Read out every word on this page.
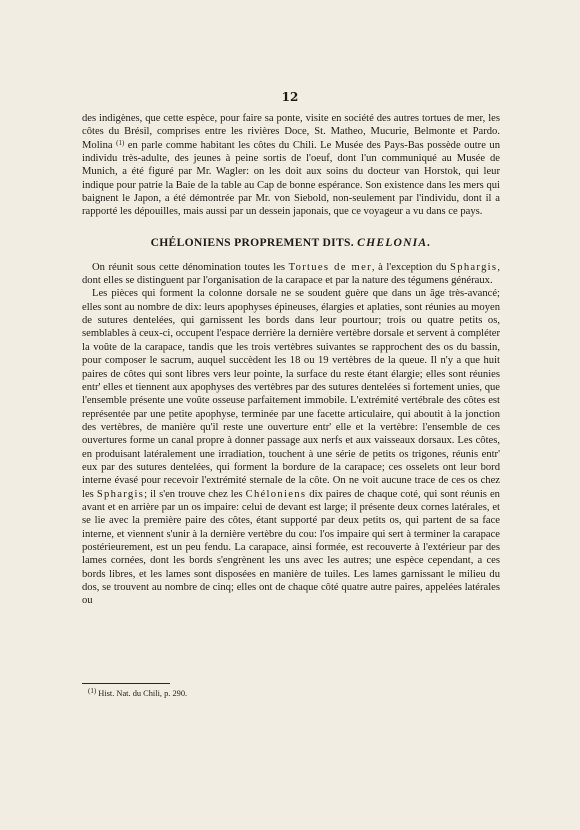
12

des indigènes, que cette espèce, pour faire sa ponte, visite en société des autres tortues de mer, les côtes du Brésil, comprises entre les rivières Doce, St. Matheo, Mucurie, Belmonte et Pardo. Molina $^{(1)}$ en parle comme habitant les côtes du Chili. Le Musée des Pays-Bas possède outre un individu très-adulte, des jeunes à peine sortis de l'oeuf, dont l'un communiqué au Musée de Munich, a été figuré par Mr. Wagler: on les doit aux soins du docteur van Horstok, qui leur indique pour patrie la Baie de la table au Cap de bonne espérance. Son existence dans les mers qui baignent le Japon, a été démontrée par Mr. von Siebold, non-seulement par l'individu, dont il a rapporté les dépouilles, mais aussi par un dessein japonais, que ce voyageur a vu dans ce pays.

CHÉLONIENS PROPREMENT DITS. CHELONIA.

On réunit sous cette dénomination toutes les Tortues de mer, à l'exception du Sphargis, dont elles se distinguent par l'organisation de la carapace et par la nature des tégumens généraux.

Les pièces qui forment la colonne dorsale ne se soudent guère que dans un âge très-avancé; elles sont au nombre de dix: leurs apophyses épineuses, élargies et aplaties, sont réunies au moyen de sutures dentelées, qui garnissent les bords dans leur pourtour; trois ou quatre petits os, semblables à ceux-ci, occupent l'espace derrière la dernière vertèbre dorsale et servent à compléter la voûte de la carapace, tandis que les trois vertèbres suivantes se rapprochent des os du bassin, pour composer le sacrum, auquel succèdent les 18 ou 19 vertèbres de la queue. Il n'y a que huit paires de côtes qui sont libres vers leur pointe, la surface du reste étant élargie; elles sont réunies entr' elles et tiennent aux apophyses des vertèbres par des sutures dentelées si fortement unies, que l'ensemble présente une voûte osseuse parfaitement immobile. L'extrémité vertébrale des côtes est représentée par une petite apophyse, terminée par une facette articulaire, qui aboutit à la jonction des vertèbres, de manière qu'il reste une ouverture entr' elle et la vertèbre: l'ensemble de ces ouvertures forme un canal propre à donner passage aux nerfs et aux vaisseaux dorsaux. Les côtes, en produisant latéralement une irradiation, touchent à une série de petits os trigones, réunis entr' eux par des sutures dentelées, qui forment la bordure de la carapace; ces osselets ont leur bord interne évasé pour recevoir l'extrémité sternale de la côte. On ne voit aucune trace de ces os chez les Sphargis; il s'en trouve chez les Chéloniens dix paires de chaque coté, qui sont réunis en avant et en arrière par un os impaire: celui de devant est large; il présente deux cornes latérales, et se lie avec la première paire des côtes, étant supporté par deux petits os, qui partent de sa face interne, et viennent s'unir à la dernière vertèbre du cou: l'os impaire qui sert à terminer la carapace postérieurement, est un peu fendu. La carapace, ainsi formée, est recouverte à l'extérieur par des lames cornées, dont les bords s'engrènent les uns avec les autres; une espèce cependant, a ces bords libres, et les lames sont disposées en manière de tuiles. Les lames garnissant le milieu du dos, se trouvent au nombre de cinq; elles ont de chaque côté quatre autre paires, appelées latérales ou

$^{(1)}$ Hist. Nat. du Chili, p. 290.
